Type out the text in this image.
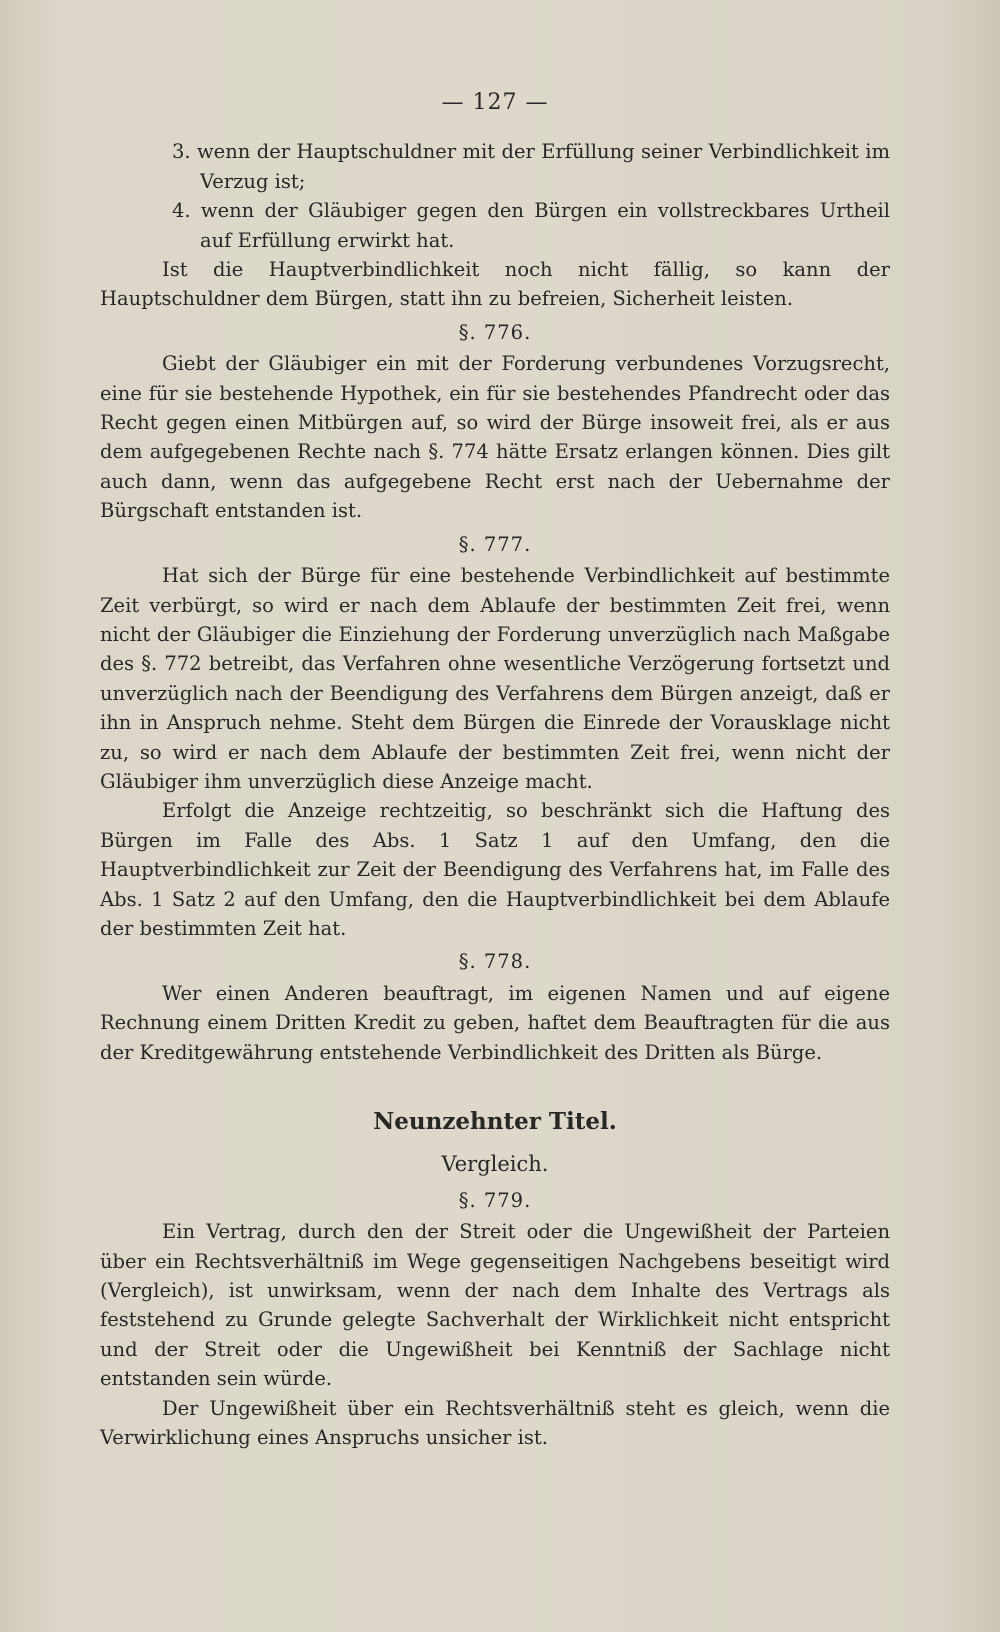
— 127 —

3. wenn der Hauptschuldner mit der Erfüllung seiner Verbindlichkeit im Verzug ist;

4. wenn der Gläubiger gegen den Bürgen ein vollstreckbares Urtheil auf Erfüllung erwirkt hat.

Ist die Hauptverbindlichkeit noch nicht fällig, so kann der Hauptschuldner dem Bürgen, statt ihn zu befreien, Sicherheit leisten.

§. 776.

Giebt der Gläubiger ein mit der Forderung verbundenes Vorzugsrecht, eine für sie bestehende Hypothek, ein für sie bestehendes Pfandrecht oder das Recht gegen einen Mitbürgen auf, so wird der Bürge insoweit frei, als er aus dem aufgegebenen Rechte nach §. 774 hätte Ersatz erlangen können. Dies gilt auch dann, wenn das aufgegebene Recht erst nach der Uebernahme der Bürgschaft entstanden ist.

§. 777.

Hat sich der Bürge für eine bestehende Verbindlichkeit auf bestimmte Zeit verbürgt, so wird er nach dem Ablaufe der bestimmten Zeit frei, wenn nicht der Gläubiger die Einziehung der Forderung unverzüglich nach Maßgabe des §. 772 betreibt, das Verfahren ohne wesentliche Verzögerung fortsetzt und unverzüglich nach der Beendigung des Verfahrens dem Bürgen anzeigt, daß er ihn in Anspruch nehme. Steht dem Bürgen die Einrede der Vorausklage nicht zu, so wird er nach dem Ablaufe der bestimmten Zeit frei, wenn nicht der Gläubiger ihm unverzüglich diese Anzeige macht.

Erfolgt die Anzeige rechtzeitig, so beschränkt sich die Haftung des Bürgen im Falle des Abs. 1 Satz 1 auf den Umfang, den die Hauptverbindlichkeit zur Zeit der Beendigung des Verfahrens hat, im Falle des Abs. 1 Satz 2 auf den Umfang, den die Hauptverbindlichkeit bei dem Ablaufe der bestimmten Zeit hat.

§. 778.

Wer einen Anderen beauftragt, im eigenen Namen und auf eigene Rechnung einem Dritten Kredit zu geben, haftet dem Beauftragten für die aus der Kreditgewährung entstehende Verbindlichkeit des Dritten als Bürge.

Neunzehnter Titel.
Vergleich.
§. 779.

Ein Vertrag, durch den der Streit oder die Ungewißheit der Parteien über ein Rechtsverhältniß im Wege gegenseitigen Nachgebens beseitigt wird (Vergleich), ist unwirksam, wenn der nach dem Inhalte des Vertrags als feststehend zu Grunde gelegte Sachverhalt der Wirklichkeit nicht entspricht und der Streit oder die Ungewißheit bei Kenntniß der Sachlage nicht entstanden sein würde.

Der Ungewißheit über ein Rechtsverhältniß steht es gleich, wenn die Verwirklichung eines Anspruchs unsicher ist.
